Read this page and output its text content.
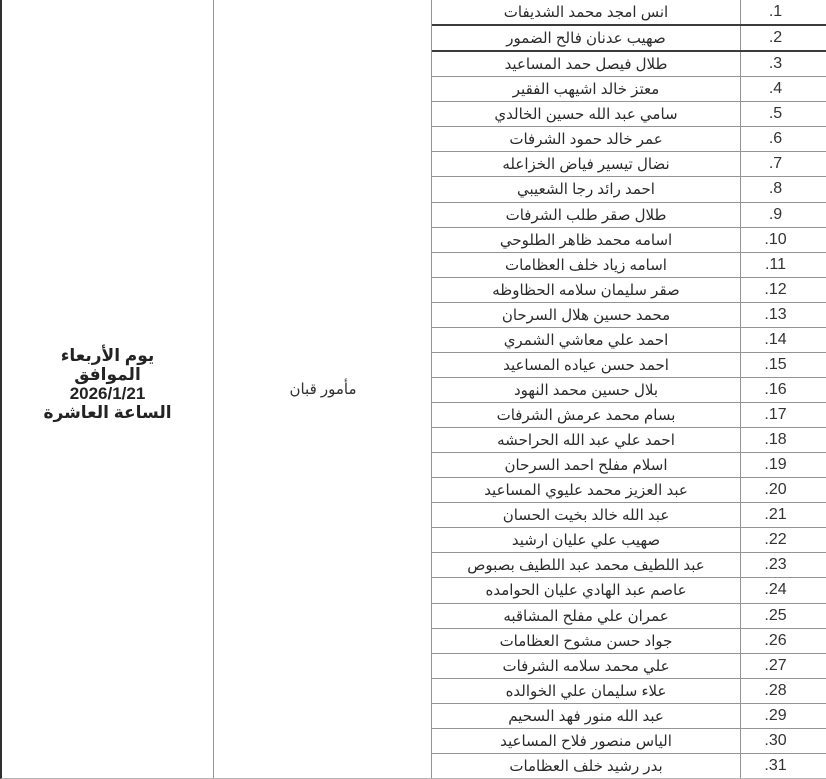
يوم الأربعاء
الموافق
2026/1/21
الساعة العاشرة
مأمور قبان
انس امجد محمد الشديفات	.1
صهيب عدنان فالح الضمور	.2
طلال فيصل حمد المساعيد	.3
معتز خالد اشيهب الفقير	.4
سامي عبد الله حسين الخالدي	.5
عمر خالد حمود الشرفات	.6
نضال تيسير فياض الخزاعله	.7
احمد رائد رجا الشعيبي	.8
طلال صقر طلب الشرفات	.9
اسامه محمد ظاهر الطلوحي	.10
اسامه زياد خلف العظامات	.11
صقر سليمان سلامه الحظاوظه	.12
محمد حسين هلال السرحان	.13
احمد علي معاشي الشمري	.14
احمد حسن عياده المساعيد	.15
بلال حسين محمد النهود	.16
بسام محمد عرمش الشرفات	.17
احمد علي عبد الله الحراحشه	.18
اسلام مفلح احمد السرحان	.19
عبد العزيز محمد عليوي المساعيد	.20
عبد الله خالد بخيت الحسان	.21
صهيب علي عليان ارشيد	.22
عبد اللطيف محمد عبد اللطيف بصبوص	.23
عاصم عبد الهادي عليان الحوامده	.24
عمران علي مفلح المشاقبه	.25
جواد حسن مشوح العظامات	.26
علي محمد سلامه الشرفات	.27
علاء سليمان علي الخوالده	.28
عبد الله منور فهد السحيم	.29
الياس منصور فلاح المساعيد	.30
بدر رشيد خلف العظامات	.31
